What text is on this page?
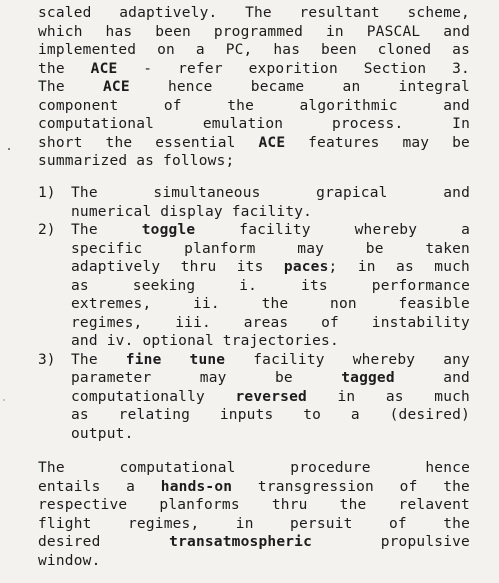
scaled adaptively. The resultant scheme,
which has been programmed in PASCAL and
implemented on a PC, has been cloned as
the ACE - refer exporition Section 3.
The ACE hence became an integral
component of the algorithmic and
computational emulation process. In
short the essential ACE features may be
summarized as follows;
1) The simultaneous grapical and
numerical display facility.
2) The toggle facility whereby a
specific planform may be taken
adaptively thru its paces; in as much
as seeking i. its performance
extremes, ii. the non feasible
regimes, iii. areas of instability
and iv. optional trajectories.
3) The fine tune facility whereby any
parameter may be tagged and
computationally reversed in as much
as relating inputs to a (desired)
output.
The computational procedure hence
entails a hands-on transgression of the
respective planforms thru the relavent
flight regimes, in persuit of the
desired transatmospheric propulsive
window.
